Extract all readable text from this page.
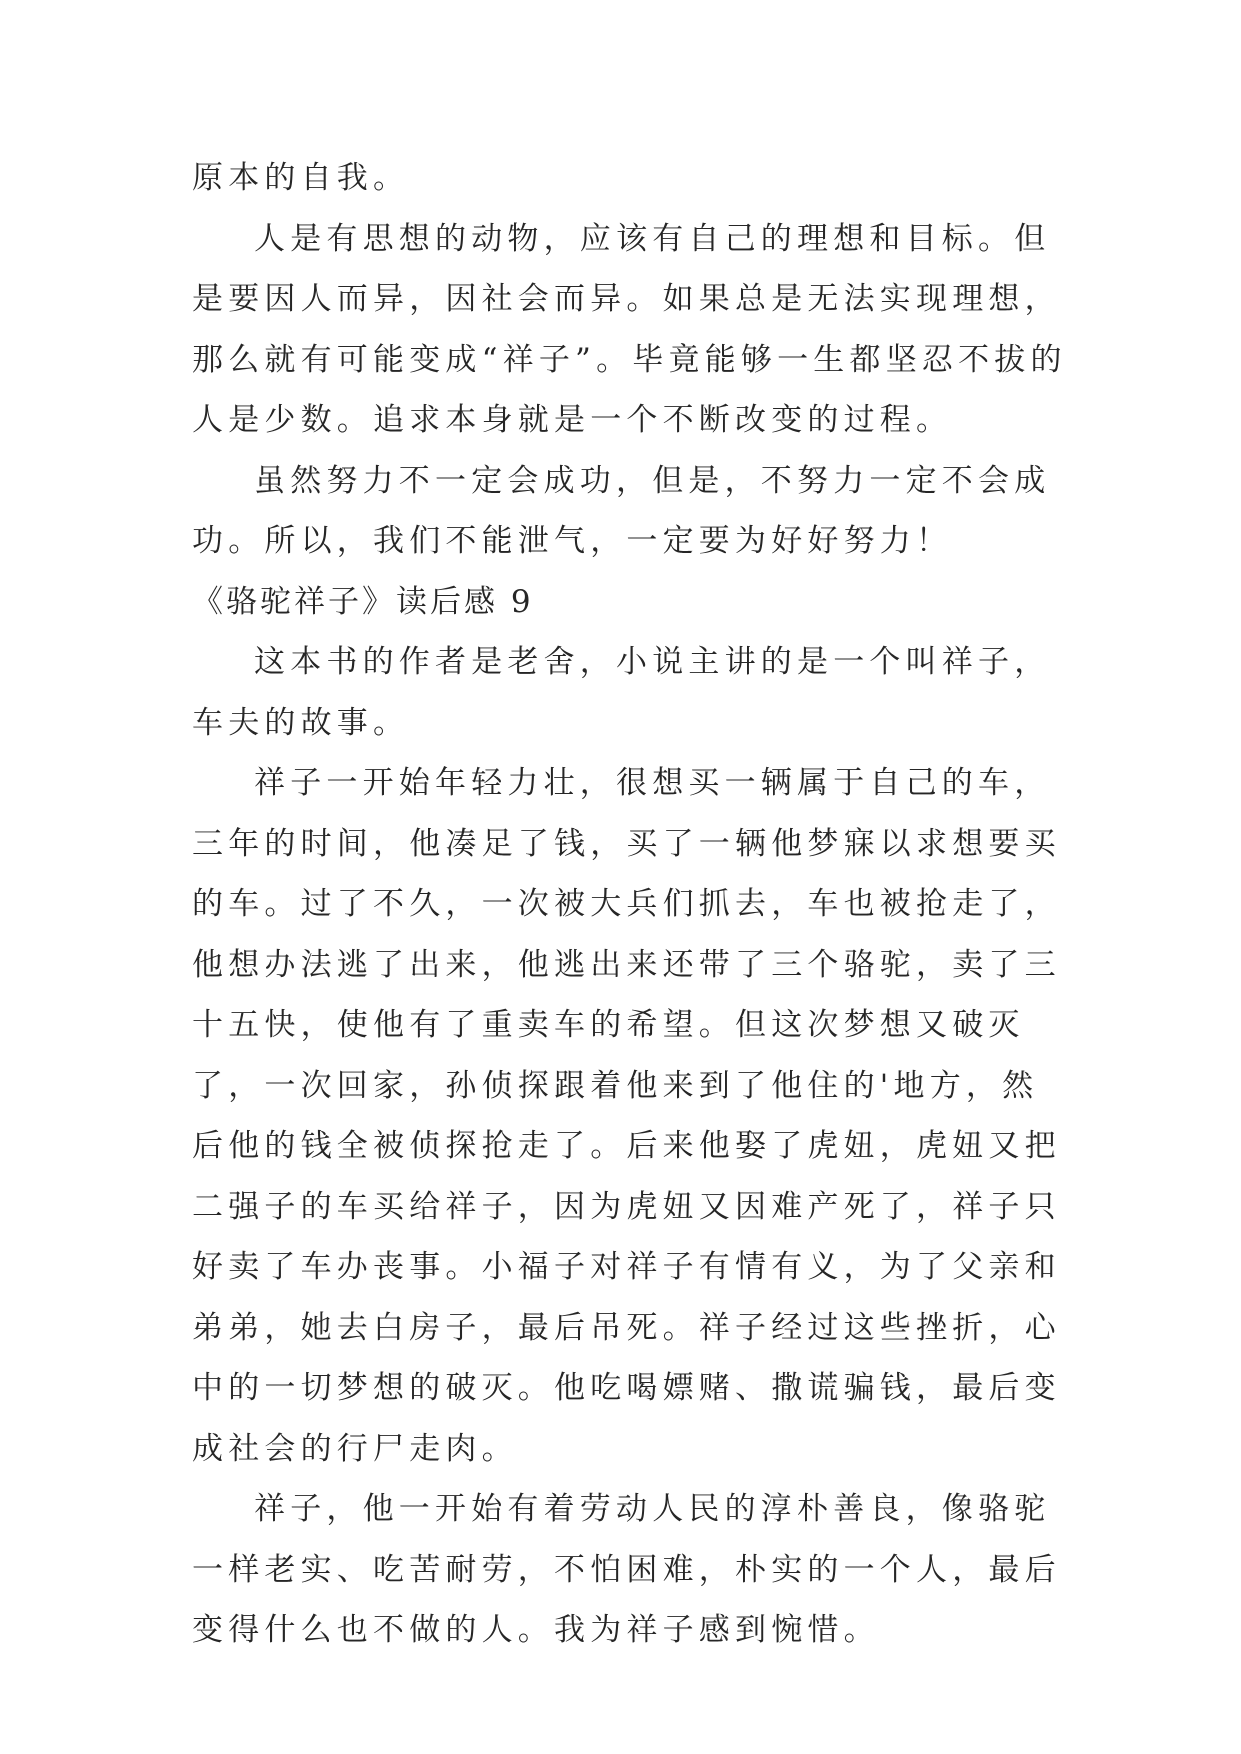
原本的自我。

人是有思想的动物，应该有自己的理想和目标。但是要因人而异，因社会而异。如果总是无法实现理想，那么就有可能变成“祥子”。毕竟能够一生都坚忍不拔的人是少数。追求本身就是一个不断改变的过程。

虽然努力不一定会成功，但是，不努力一定不会成功。所以，我们不能泄气，一定要为好好努力！

《骆驼祥子》读后感 9

这本书的作者是老舍，小说主讲的是一个叫祥子，车夫的故事。

祥子一开始年轻力壮，很想买一辆属于自己的车，三年的时间，他凑足了钱，买了一辆他梦寐以求想要买的车。过了不久，一次被大兵们抓去，车也被抢走了，他想办法逃了出来，他逃出来还带了三个骆驼，卖了三十五快，使他有了重卖车的希望。但这次梦想又破灭了，一次回家，孙侦探跟着他来到了他住的'地方，然后他的钱全被侦探抢走了。后来他娶了虎妞，虎妞又把二强子的车买给祥子，因为虎妞又因难产死了，祥子只好卖了车办丧事。小福子对祥子有情有义，为了父亲和弟弟，她去白房子，最后吊死。祥子经过这些挫折，心中的一切梦想的破灭。他吃喝嫖赌、撒谎骗钱，最后变成社会的行尸走肉。

祥子，他一开始有着劳动人民的淳朴善良，像骆驼一样老实、吃苦耐劳，不怕困难，朴实的一个人，最后变得什么也不做的人。我为祥子感到惋惜。
